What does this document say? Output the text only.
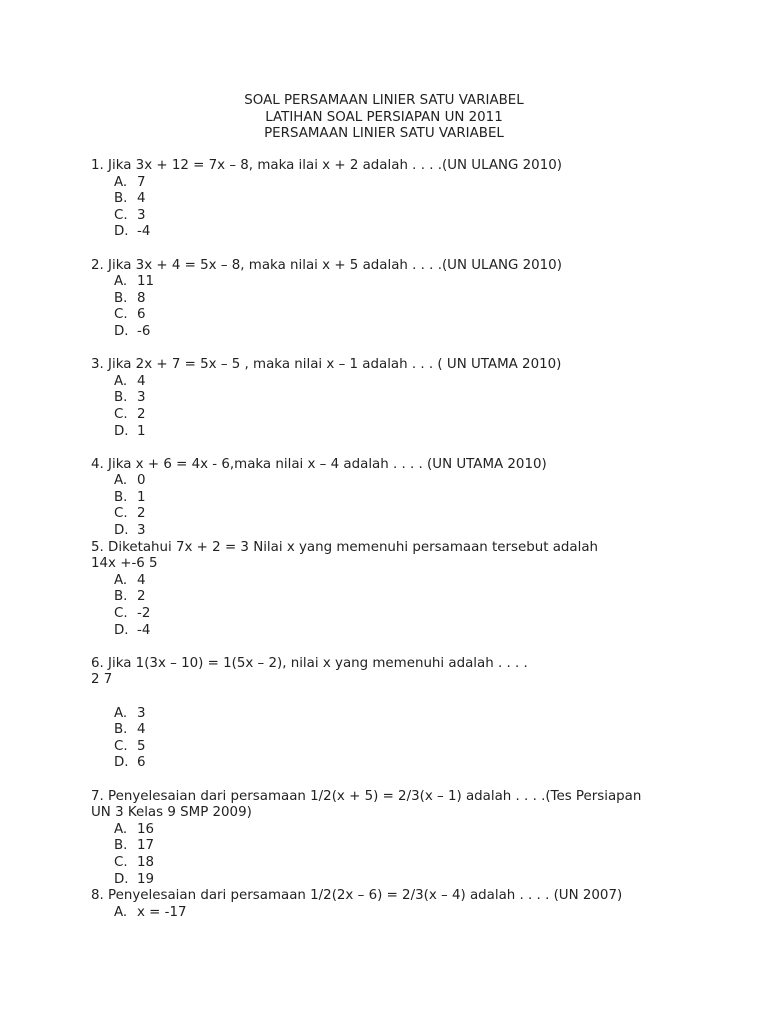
SOAL PERSAMAAN LINIER SATU VARIABEL
LATIHAN SOAL PERSIAPAN UN 2011
PERSAMAAN LINIER SATU VARIABEL
1. Jika 3x + 12 = 7x – 8, maka ilai x + 2 adalah . . . .(UN ULANG 2010)
A. 7
B. 4
C. 3
D. -4
2. Jika 3x + 4 = 5x – 8, maka nilai x + 5 adalah . . . .(UN ULANG 2010)
A. 11
B. 8
C. 6
D. -6
3. Jika 2x + 7 = 5x – 5 , maka nilai x – 1 adalah . . . ( UN UTAMA 2010)
A. 4
B. 3
C. 2
D. 1
4. Jika x + 6 = 4x - 6,maka nilai x – 4 adalah . . . . (UN UTAMA 2010)
A. 0
B. 1
C. 2
D. 3
5. Diketahui 7x + 2 = 3 Nilai x yang memenuhi persamaan tersebut adalah
14x +-6 5
A. 4
B. 2
C. -2
D. -4
6. Jika 1(3x – 10) = 1(5x – 2), nilai x yang memenuhi adalah . . . .
2 7
A. 3
B. 4
C. 5
D. 6
7. Penyelesaian dari persamaan 1/2(x + 5) = 2/3(x – 1) adalah . . . .(Tes Persiapan
UN 3 Kelas 9 SMP 2009)
A. 16
B. 17
C. 18
D. 19
8. Penyelesaian dari persamaan 1/2(2x – 6) = 2/3(x – 4) adalah . . . . (UN 2007)
A. x = -17
